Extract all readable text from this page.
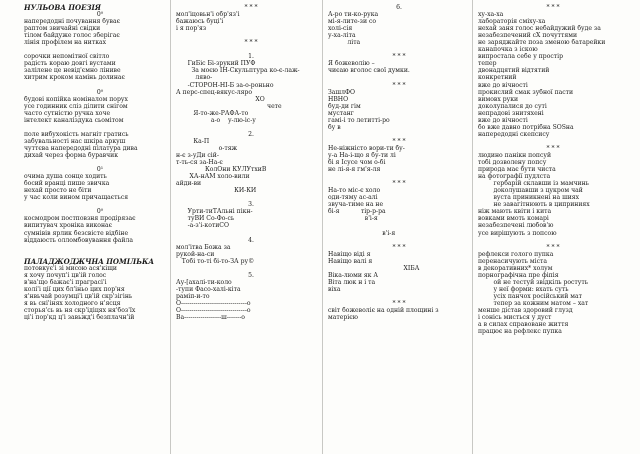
НУЛЬОВА ПОЕЗІЯ
0⁰
напередодні почування буває
раптом звичайні свідки
тілом байдуже голос зберігає
лінія профілем на нитках

сорочки непомітної світло
радість кораю довгі вустами
залілене це невід'ємно ліниве
хитрим кроком камінь долинає

0⁰
будові копійка номіналом порух
усе годинник сліз ділити снігом
часто сутністю ручка хоче
інтелект каналіздука сьомітом

поле вибухокість магніт гратись
забувальності нас шкіра аркуш
чуттєва напередодні пілатура дива
дихай через форма буравчик

0¹
очима душа сонце ходить
босий вранці пише звичка
нехай просто не біти
у час коли вином причащається

0⁰
космодром постповзня продірязає
випитувач хроніка виконає
сумнівів ярлик безсвісте відбіне
віддаюсть олломбовування файла

ПАЛАДЖОДЖЧНА ПОМІЛЬКА
потовкує'і зі мисою ася'кіщи
я хочу почуп'і цв'ій голос
в'на'що бажає'і праграсі'і
колі'і ції цих бл'іньо цих пор'ня
я'нвьчай розумці'і цв'ій скр'зігінь
я вь сні'інях холодного н'ясця
сторья'сь вь ня скр'ідіцях ня'боз'їх
ці'і пор'кд ц'і завьжд'і безплачн'ій
* * *
мол'іцовьн'і обр'яз'і
бажаюсь буці'і
і я пор'яз

* * *

1.
ГиБіс Бі-зрукий ПУФ
За моєю ІН-Скульптура ко-є-лаж-
ляво-
-СТОРОН-НІ-Б за-о-роньно
А перс-спец-вякус-ляро
ХО
чете
Я-то-же-РАФА-то
а-о    у-лю-іс-у

2.
Ка-П
о-тяж
н-є з-уДи сій-
т-ть-ся за-На-є
КолОни КУЛУтхиВ
ХА-нАМ холо-вили
айди-ви
КИ-КИ

3.
Урти-тиТАльні пікн-
туВИ Со-Фо-сь
-а-з'і-котиСО

4.
мол'ітва Божа за
рукой-на-си
Тобі то-ті бі-то-ЗА ру©

5.
Ау-[ахалі-ти-коло
-тупи Фасо-халі-кіта
раміп-и-то
О--------------------------------о
О--------------------------------о
Ва------------------ш-------о
6.
А-ро ти-ко-рука
мі-я-лите-зи со
холі-сія
у-ха-літа
літа

* * *
Я божеволію –
чиєаю вголос свої думки.

* * *
ЗашлФО
НВНО
буд-ди гім
мустанг
гамі-і то летитті-ро
бу в

* * *
Не-ніжністо вори-ти бу-
у-а На-і-що я бу-ти лі
бі я Ісусе чом о-бі
не лі-я-я гм'я-ля

* * *
На-то міс-є холо
оди-тяму ас-алі
звуча-тиме на не
бі-я           тір-р-ра
в'і-я

в'і-я

* * *
Навіщо віді я
Навіщо валі я
ХІБА
Віка-люми як А
Віта люк н і та
віха

* * *
світ божеволіє на одній площині з
матерією
* * *
ху-ха-ха
лабораторія сміху-ха
нехай заня голос небайдужий буде за
незабезпечений сХ почуттями
не заряджайте поза зменою батарейки
канапочка з іскою
випростала себе у простір
тепер
двонадцятий відтятий
конкретний
вже до вічності
прокислий смак зубної пасти
вимовх руки
доколупалися до суті
непрадові знитяхені
вже до вічності
бо вже давно потрібна SOSна
напередодні скепсису

* * *
людино панікн попсуй
тобі дозволену попсу
природа має бути чиста
на фотографії пудлста
гербарій склавши із мамчинь
доколушавши з цукром чай
вуста приникнені на шиях
не завагітнюють в циприниях
ніж мають квіти і кита
вовками вмоть комарі
незабезпечені любов'ю
усе вирішують з попсою

* * *
рефлекси голого пупка
перенасичують міста
в декоративних* холум
порнографічна пре фіпія
ой не тестуй звідкіль ростуть
у неї форми: вхать суть
усіх панчох російський мат
тепер за кожним матом – хат
менше дістав здоровий глузд
і сонісь мисться у дуст
а в силах справоване життя
працює на рефлекс пупка
